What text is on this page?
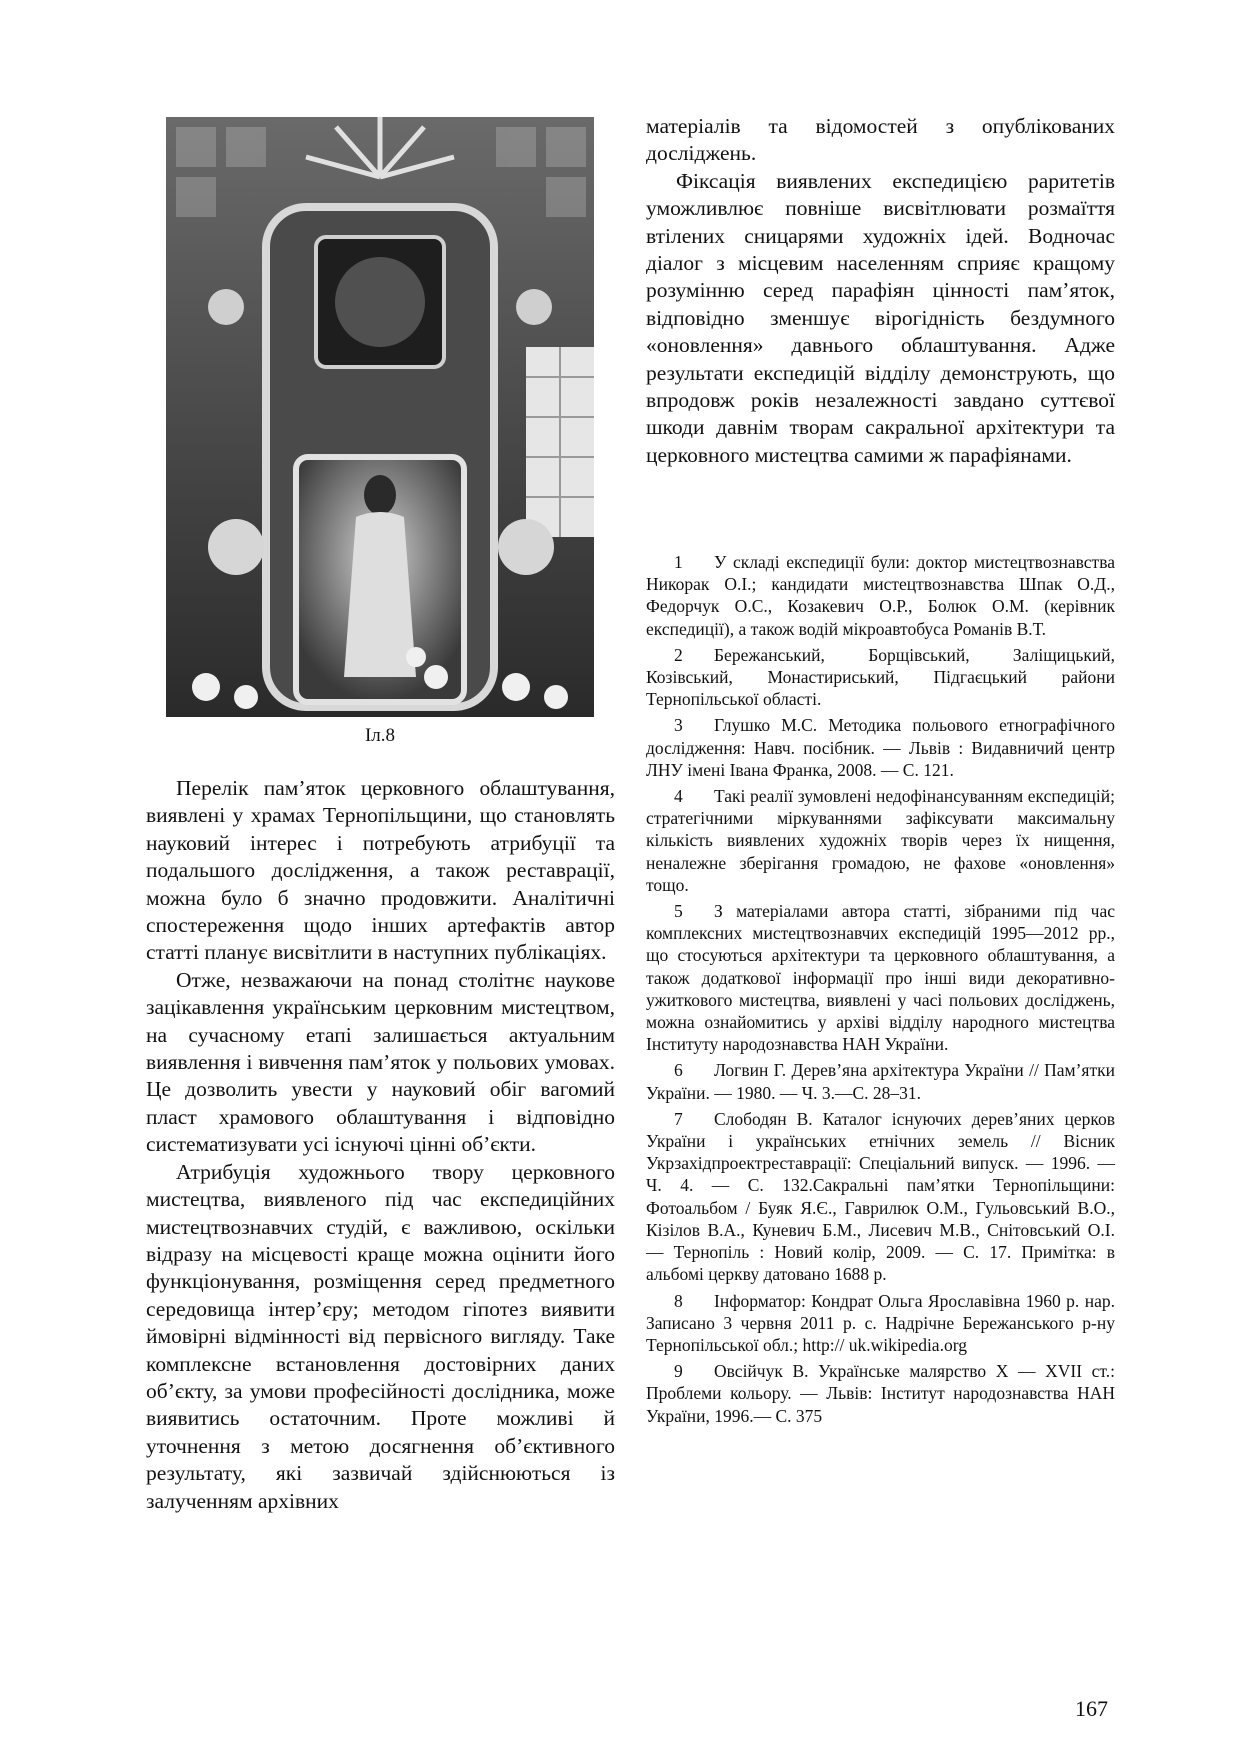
Іл.8

Перелік пам’яток церковного облаштування, виявлені у храмах Тернопільщини, що становлять науковий інтерес і потребують атрибуції та подальшого дослідження, а також реставрації, можна було б значно продовжити. Аналітичні спостереження щодо інших артефактів автор статті планує висвітлити в наступних публікаціях.

Отже, незважаючи на понад столітнє наукове зацікавлення українським церковним мистецтвом, на сучасному етапі залишається актуальним виявлення і вивчення пам’яток у польових умовах. Це дозволить увести у науковий обіг вагомий пласт храмового облаштування і відповідно систематизувати усі існуючі цінні об’єкти.

Атрибуція художнього твору церковного мистецтва, виявленого під час експедиційних мистецтвознавчих студій, є важливою, оскільки відразу на місцевості краще можна оцінити його функціонування, розміщення серед предметного середовища інтер’єру; методом гіпотез виявити ймовірні відмінності від первісного вигляду. Таке комплексне встановлення достовірних даних об’єкту, за умови професійності дослідника, може виявитись остаточним. Проте можливі й уточнення з метою досягнення об’єктивного результату, які зазвичай здійснюються із залученням архівних

матеріалів та відомостей з опублікованих досліджень.

Фіксація виявлених експедицією раритетів уможливлює повніше висвітлювати розмаїття втілених сницарями художніх ідей. Водночас діалог з місцевим населенням сприяє кращому розумінню серед парафіян цінності пам’яток, відповідно зменшує вірогідність бездумного «оновлення» давнього облаштування. Адже результати експедицій відділу демонструють, що впродовж років незалежності завдано суттєвої шкоди давнім творам сакральної архітектури та церковного мистецтва самими ж парафіянами.

1 У складі експедиції були: доктор мистецтвознавства Никорак О.І.; кандидати мистецтвознавства Шпак О.Д., Федорчук О.С., Козакевич О.Р., Болюк О.М. (керівник експедиції), а також водій мікроавтобуса Романів В.Т.

2 Бережанський, Борщівський, Заліщицький, Козівський, Монастириський, Підгаєцький райони Тернопільської області.

3 Глушко М.С. Методика польового етнографічного дослідження: Навч. посібник. — Львів : Видавничий центр ЛНУ імені Івана Франка, 2008. — С. 121.

4 Такі реалії зумовлені недофінансуванням експедицій; стратегічними міркуваннями зафіксувати максимальну кількість виявлених художніх творів через їх нищення, неналежне зберігання громадою, не фахове «оновлення» тощо.

5 З матеріалами автора статті, зібраними під час комплексних мистецтвознавчих експедицій 1995—2012 рр., що стосуються архітектури та церковного облаштування, а також додаткової інформації про інші види декоративно-ужиткового мистецтва, виявлені у часі польових досліджень, можна ознайомитись у архіві відділу народного мистецтва Інституту народознавства НАН України.

6 Логвин Г. Дерев’яна архітектура України // Пам’ятки України. — 1980. — Ч. 3.—С. 28–31.

7 Слободян В. Каталог існуючих дерев’яних церков України і українських етнічних земель // Вісник Укрзахідпроектреставрації: Спеціальний випуск. — 1996. — Ч. 4. — С. 132.Сакральні пам’ятки Тернопільщини: Фотоальбом / Буяк Я.Є., Гаврилюк О.М., Гульовський В.О., Кізілов В.А., Куневич Б.М., Лисевич М.В., Снітовський О.І. — Тернопіль : Новий колір, 2009. — С. 17. Примітка: в альбомі церкву датовано 1688 р.

8 Інформатор: Кондрат Ольга Ярославівна 1960 р. нар. Записано 3 червня 2011 р. с. Надрічне Бережанського р-ну Тернопільської обл.; http:// uk.wikipedia.org

9 Овсійчук В. Українське малярство Х — XVII ст.: Проблеми кольору. — Львів: Інститут народознавства НАН України, 1996.— С. 375

167
